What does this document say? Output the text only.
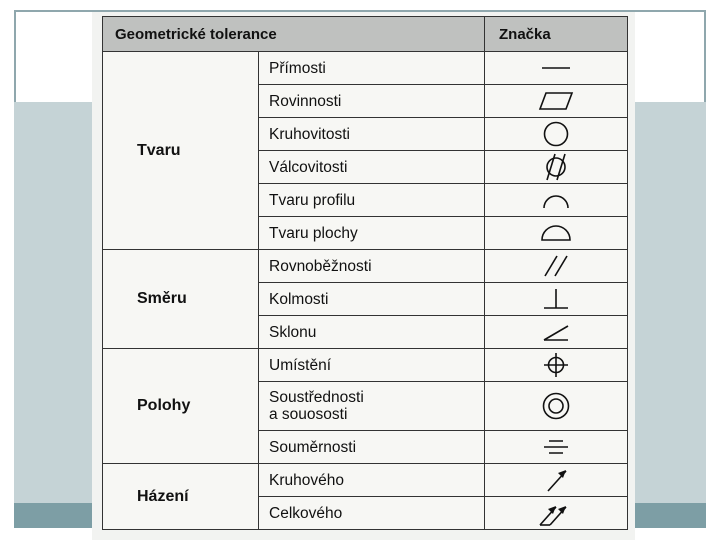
Geometrické tolerance		Značka
Tvaru	Přímosti	

	Rovinnosti	

	Kruhovitosti	

	Válcovitosti	

	Tvaru profilu	

	Tvaru plochy	

Směru	Rovnoběžnosti	

	Kolmosti	

	Sklonu	

Polohy	Umístění	

	Soustřednosti
a souososti	

	Souměrnosti	

Házení	Kruhového	

	Celkového	
